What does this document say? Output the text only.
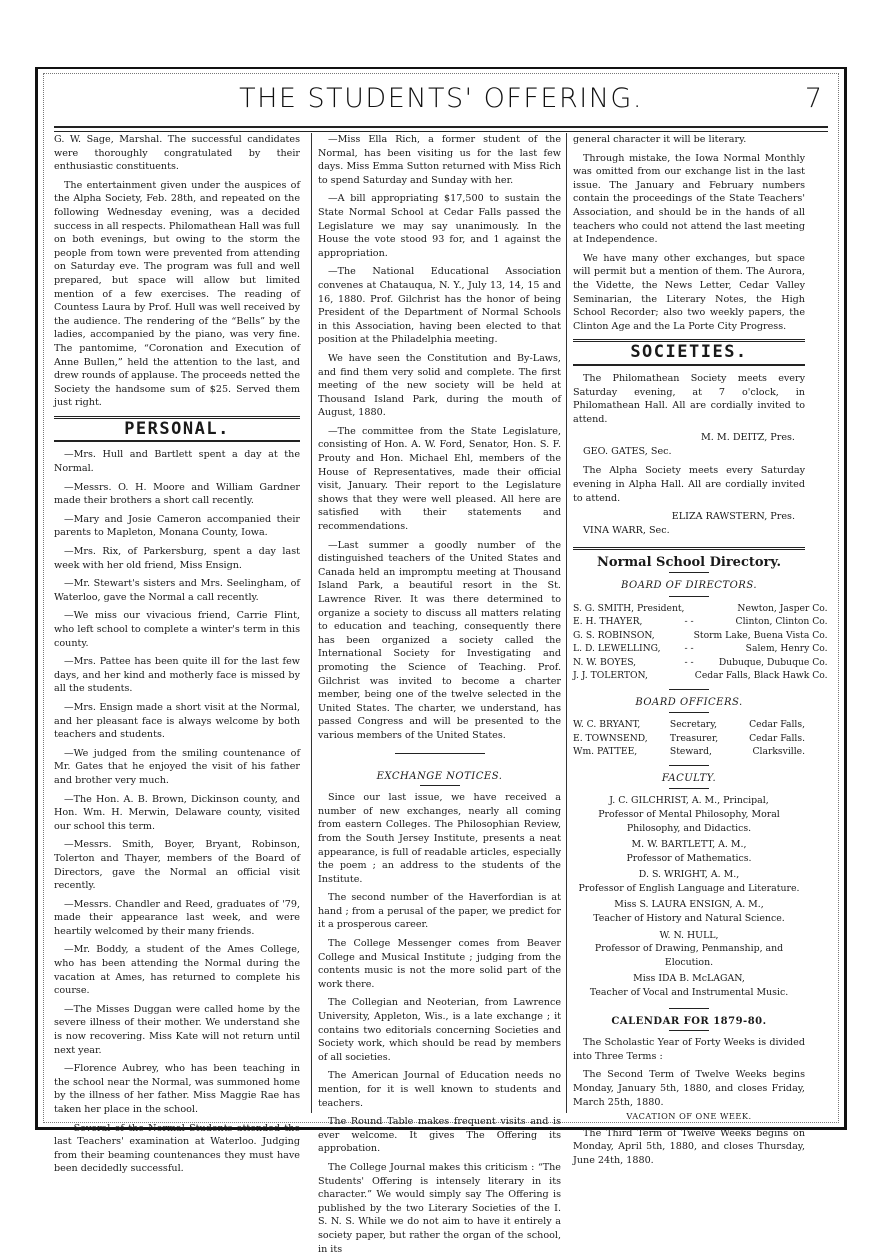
THE STUDENTS' OFFERING.	7

G. W. Sage, Marshal. The successful candidates were thoroughly congratulated by their enthusiastic constituents.

The entertainment given under the auspices of the Alpha Society, Feb. 28th, and repeated on the following Wednesday evening, was a decided success in all respects. Philomathean Hall was full on both evenings, but owing to the storm the people from town were prevented from attending on Saturday eve. The program was full and well prepared, but space will allow but limited mention of a few exercises. The reading of Countess Laura by Prof. Hull was well received by the audience. The rendering of the “Bells” by the ladies, accompanied by the piano, was very fine. The pantomime, “Coronation and Execution of Anne Bullen,” held the attention to the last, and drew rounds of applause. The proceeds netted the Society the handsome sum of $25. Served them just right.

PERSONAL.

—Mrs. Hull and Bartlett spent a day at the Normal.

—Messrs. O. H. Moore and William Gardner made their brothers a short call recently.

—Mary and Josie Cameron accompanied their parents to Mapleton, Monana County, Iowa.

—Mrs. Rix, of Parkersburg, spent a day last week with her old friend, Miss Ensign.

—Mr. Stewart's sisters and Mrs. Seelingham, of Waterloo, gave the Normal a call recently.

—We miss our vivacious friend, Carrie Flint, who left school to complete a winter's term in this county.

—Mrs. Pattee has been quite ill for the last few days, and her kind and motherly face is missed by all the students.

—Mrs. Ensign made a short visit at the Normal, and her pleasant face is always welcome by both teachers and students.

—We judged from the smiling countenance of Mr. Gates that he enjoyed the visit of his father and brother very much.

—The Hon. A. B. Brown, Dickinson county, and Hon. Wm. H. Merwin, Delaware county, visited our school this term.

—Messrs. Smith, Boyer, Bryant, Robinson, Tolerton and Thayer, members of the Board of Directors, gave the Normal an official visit recently.

—Messrs. Chandler and Reed, graduates of '79, made their appearance last week, and were heartily welcomed by their many friends.

—Mr. Boddy, a student of the Ames College, who has been attending the Normal during the vacation at Ames, has returned to complete his course.

—The Misses Duggan were called home by the severe illness of their mother. We understand she is now recovering. Miss Kate will not return until next year.

—Florence Aubrey, who has been teaching in the school near the Normal, was summoned home by the illness of her father. Miss Maggie Rae has taken her place in the school.

—Several of the Normal Students attended the last Teachers' examination at Waterloo. Judging from their beaming countenances they must have been decidedly successful.

—Miss Ella Rich, a former student of the Normal, has been visiting us for the last few days. Miss Emma Sutton returned with Miss Rich to spend Saturday and Sunday with her.

—A bill appropriating $17,500 to sustain the State Normal School at Cedar Falls passed the Legislature we may say unanimously. In the House the vote stood 93 for, and 1 against the appropriation.

—The National Educational Association convenes at Chatauqua, N. Y., July 13, 14, 15 and 16, 1880. Prof. Gilchrist has the honor of being President of the Department of Normal Schools in this Association, having been elected to that position at the Philadelphia meeting.

We have seen the Constitution and By-Laws, and find them very solid and complete. The first meeting of the new society will be held at Thousand Island Park, during the mouth of August, 1880.

—The committee from the State Legislature, consisting of Hon. A. W. Ford, Senator, Hon. S. F. Prouty and Hon. Michael Ehl, members of the House of Representatives, made their official visit, January. Their report to the Legislature shows that they were well pleased. All here are satisfied with their statements and recommendations.

—Last summer a goodly number of the distinguished teachers of the United States and Canada held an impromptu meeting at Thousand Island Park, a beautiful resort in the St. Lawrence River. It was there determined to organize a society to discuss all matters relating to education and teaching, consequently there has been organized a society called the International Society for Investigating and promoting the Science of Teaching. Prof. Gilchrist was invited to become a charter member, being one of the twelve selected in the United States. The charter, we understand, has passed Congress and will be presented to the various members of the United States.

EXCHANGE NOTICES.

Since our last issue, we have received a number of new exchanges, nearly all coming from eastern Colleges. The Philosophian Review, from the South Jersey Institute, presents a neat appearance, is full of readable articles, especially the poem ; an address to the students of the Institute.

The second number of the Haverfordian is at hand ; from a perusal of the paper, we predict for it a prosperous career.

The College Messenger comes from Beaver College and Musical Institute ; judging from the contents music is not the more solid part of the work there.

The Collegian and Neoterian, from Lawrence University, Appleton, Wis., is a late exchange ; it contains two editorials concerning Societies and Society work, which should be read by members of all societies.

The American Journal of Education needs no mention, for it is well known to students and teachers.

The Round Table makes frequent visits and is ever welcome. It gives The Offering its approbation.

The College Journal makes this criticism : “The Students' Offering is intensely literary in its character.” We would simply say The Offering is published by the two Literary Societies of the I. S. N. S. While we do not aim to have it entirely a society paper, but rather the organ of the school, in its

general character it will be literary.

Through mistake, the Iowa Normal Monthly was omitted from our exchange list in the last issue. The January and February numbers contain the proceedings of the State Teachers' Association, and should be in the hands of all teachers who could not attend the last meeting at Independence.

We have many other exchanges, but space will permit but a mention of them. The Aurora, the Vidette, the News Letter, Cedar Valley Seminarian, the Literary Notes, the High School Recorder; also two weekly papers, the Clinton Age and the La Porte City Progress.

SOCIETIES.

The Philomathean Society meets every Saturday evening, at 7 o'clock, in Philomathean Hall. All are cordially invited to attend.

M. M. DEITZ, Pres.

GEO. GATES, Sec.

The Alpha Society meets every Saturday evening in Alpha Hall. All are cordially invited to attend.

ELIZA RAWSTERN, Pres.

VINA WARR, Sec.

Normal School Directory.
BOARD OF DIRECTORS.
S. G. SMITH, President,		Newton, Jasper Co.
E. H. THAYER,	- -	Clinton, Clinton Co.
G. S. ROBINSON,		Storm Lake, Buena Vista Co.
L. D. LEWELLING,	- -	Salem, Henry Co.
N. W. BOYES,	- -	Dubuque, Dubuque Co.
J. J. TOLERTON,		Cedar Falls, Black Hawk Co.
BOARD OFFICERS.
W. C. BRYANT,	Secretary,	Cedar Falls,
E. TOWNSEND,	Treasurer,	Cedar Falls.
Wm. PATTEE,	Steward,	Clarksville.
FACULTY.
J. C. GILCHRIST, A. M., Principal,
Professor of Mental Philosophy, Moral Philosophy, and Didactics.
M. W. BARTLETT, A. M.,
Professor of Mathematics.
D. S. WRIGHT, A. M.,
Professor of English Language and Literature.
Miss S. LAURA ENSIGN, A. M.,
Teacher of History and Natural Science.
W. N. HULL,
Professor of Drawing, Penmanship, and Elocution.
Miss IDA B. McLAGAN,
Teacher of Vocal and Instrumental Music.
CALENDAR FOR 1879-80.

The Scholastic Year of Forty Weeks is divided into Three Terms :

The Second Term of Twelve Weeks begins Monday, January 5th, 1880, and closes Friday, March 25th, 1880.

VACATION OF ONE WEEK.

The Third Term of Twelve Weeks begins on Monday, April 5th, 1880, and closes Thursday, June 24th, 1880.
